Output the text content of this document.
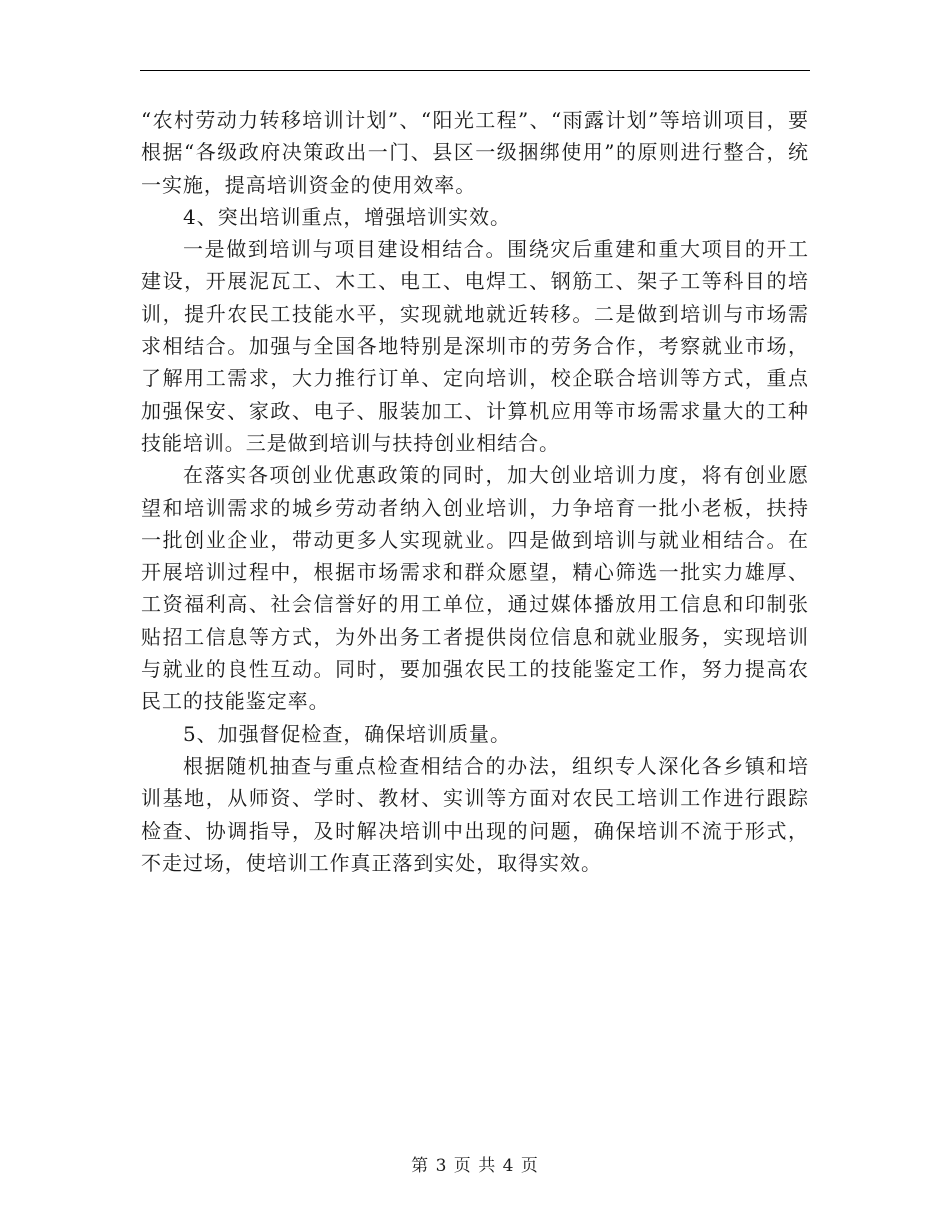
“农村劳动力转移培训计划”、“阳光工程”、“雨露计划”等培训项目，要根据“各级政府决策政出一门、县区一级捆绑使用”的原则进行整合，统一实施，提高培训资金的使用效率。

4、突出培训重点，增强培训实效。

一是做到培训与项目建设相结合。围绕灾后重建和重大项目的开工建设，开展泥瓦工、木工、电工、电焊工、钢筋工、架子工等科目的培训，提升农民工技能水平，实现就地就近转移。二是做到培训与市场需求相结合。加强与全国各地特别是深圳市的劳务合作，考察就业市场，了解用工需求，大力推行订单、定向培训，校企联合培训等方式，重点加强保安、家政、电子、服装加工、计算机应用等市场需求量大的工种技能培训。三是做到培训与扶持创业相结合。

在落实各项创业优惠政策的同时，加大创业培训力度，将有创业愿望和培训需求的城乡劳动者纳入创业培训，力争培育一批小老板，扶持一批创业企业，带动更多人实现就业。四是做到培训与就业相结合。在开展培训过程中，根据市场需求和群众愿望，精心筛选一批实力雄厚、工资福利高、社会信誉好的用工单位，通过媒体播放用工信息和印制张贴招工信息等方式，为外出务工者提供岗位信息和就业服务，实现培训与就业的良性互动。同时，要加强农民工的技能鉴定工作，努力提高农民工的技能鉴定率。

5、加强督促检查，确保培训质量。

根据随机抽查与重点检查相结合的办法，组织专人深化各乡镇和培训基地，从师资、学时、教材、实训等方面对农民工培训工作进行跟踪检查、协调指导，及时解决培训中出现的问题，确保培训不流于形式，不走过场，使培训工作真正落到实处，取得实效。

第 3 页 共 4 页
